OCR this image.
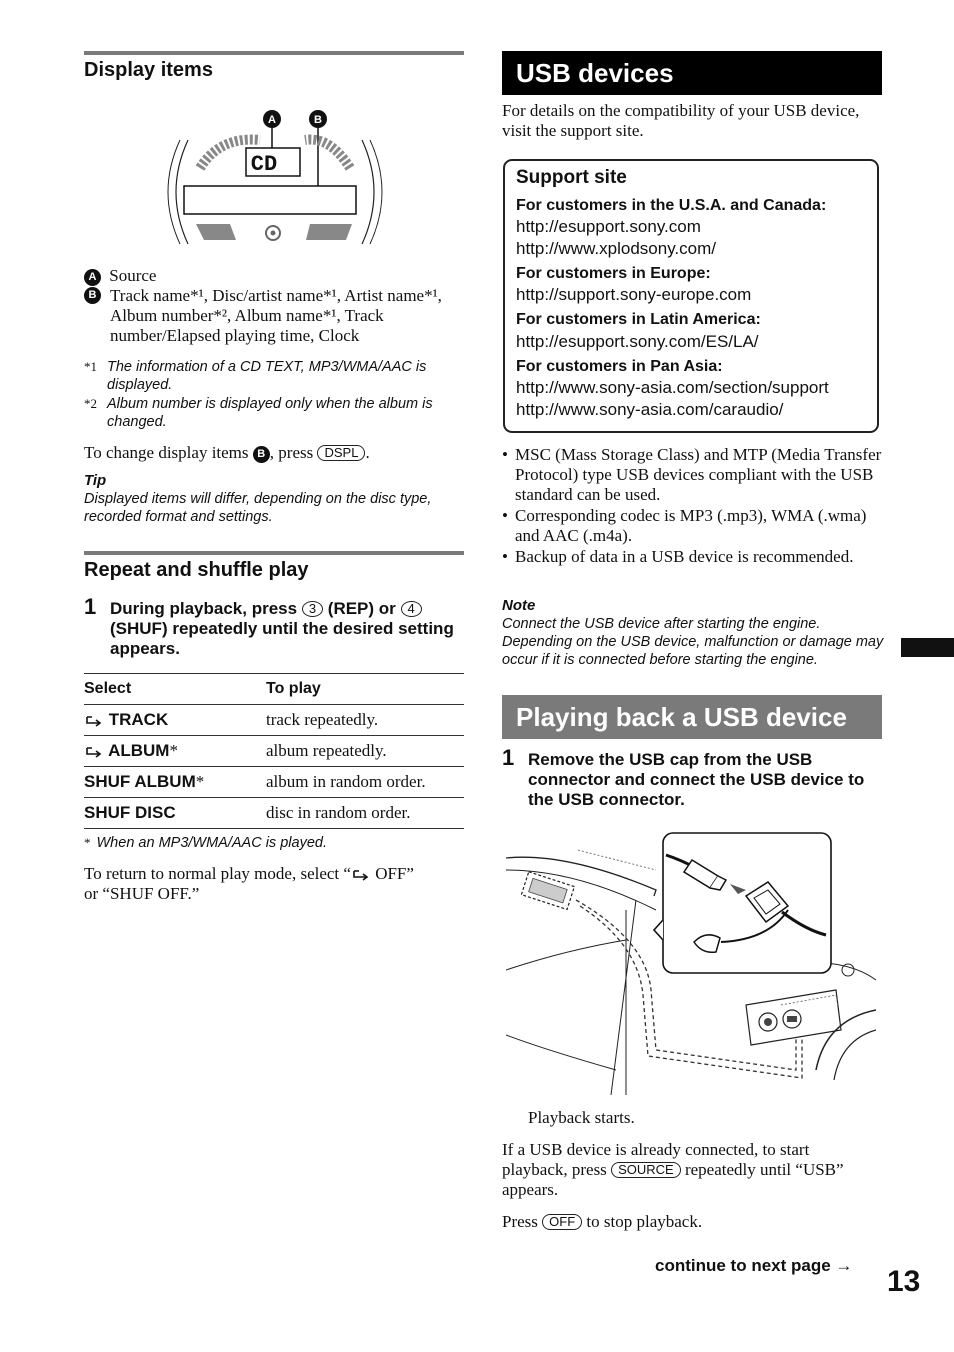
Display items
A	B
CD
A Source
B Track name*¹, Disc/artist name*¹, Artist name*¹, Album number*², Album name*¹, Track number/Elapsed playing time, Clock
*1 The information of a CD TEXT, MP3/WMA/AAC is displayed.
*2 Album number is displayed only when the album is changed.
To change display items B , press DSPL .
Tip
Displayed items will differ, depending on the disc type, recorded format and settings.
Repeat and shuffle play
1 During playback, press 3 (REP) or 4 (SHUF) repeatedly until the desired setting appears.
Select	To play
TRACK	track repeatedly.
ALBUM*	album repeatedly.
SHUF ALBUM*	album in random order.
SHUF DISC	disc in random order.
* When an MP3/WMA/AAC is played.
To return to normal play mode, select “ OFF”
or “SHUF OFF.”
USB devices
For details on the compatibility of your USB device, visit the support site.
Support site
For customers in the U.S.A. and Canada:
http://esupport.sony.com
http://www.xplodsony.com/
For customers in Europe:
http://support.sony-europe.com
For customers in Latin America:
http://esupport.sony.com/ES/LA/
For customers in Pan Asia:
http://www.sony-asia.com/section/support
http://www.sony-asia.com/caraudio/
• MSC (Mass Storage Class) and MTP (Media Transfer Protocol) type USB devices compliant with the USB standard can be used.
• Corresponding codec is MP3 (.mp3), WMA (.wma) and AAC (.m4a).
• Backup of data in a USB device is recommended.
Note
Connect the USB device after starting the engine. Depending on the USB device, malfunction or damage may occur if it is connected before starting the engine.
Playing back a USB device
1 Remove the USB cap from the USB connector and connect the USB device to the USB connector.
Playback starts.
If a USB device is already connected, to start playback, press SOURCE repeatedly until “USB” appears.
Press OFF to stop playback.
continue to next page → 13
